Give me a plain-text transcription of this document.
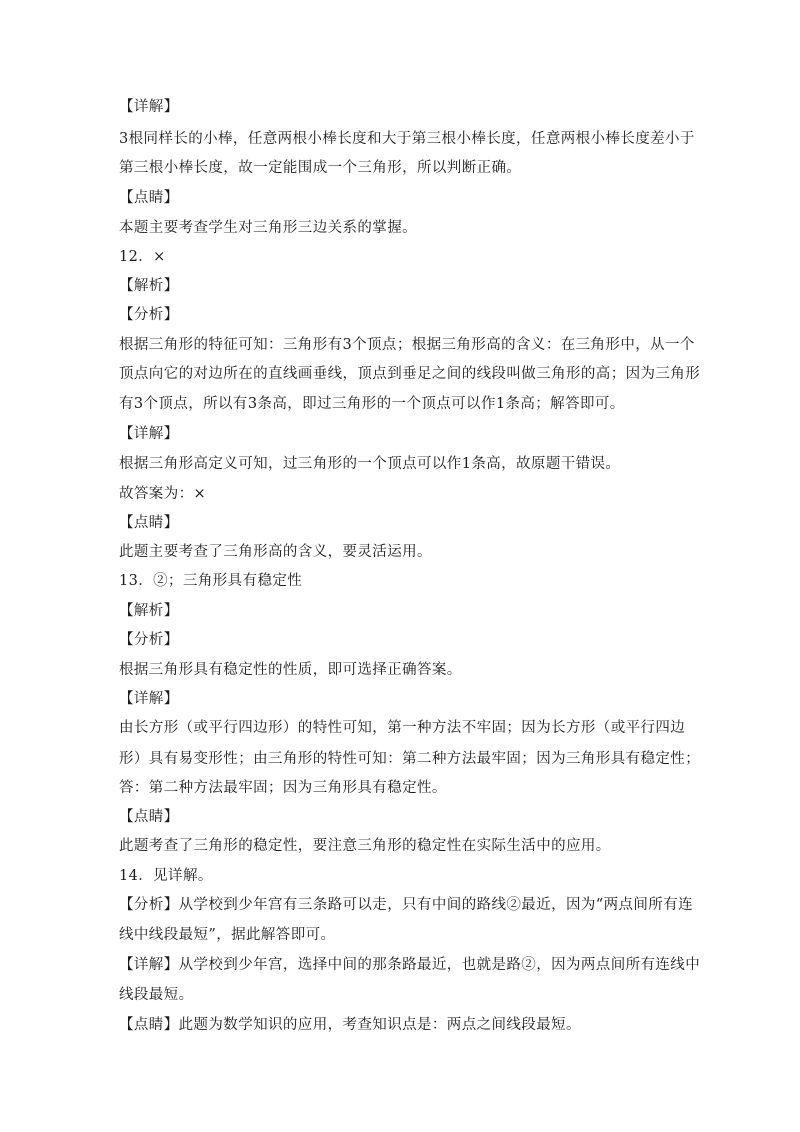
【详解】
3根同样长的小棒，任意两根小棒长度和大于第三根小棒长度，任意两根小棒长度差小于
第三根小棒长度，故一定能围成一个三角形，所以判断正确。
【点睛】
本题主要考查学生对三角形三边关系的掌握。
12．×
【解析】
【分析】
根据三角形的特征可知：三角形有3个顶点；根据三角形高的含义：在三角形中，从一个
顶点向它的对边所在的直线画垂线，顶点到垂足之间的线段叫做三角形的高；因为三角形
有3个顶点，所以有3条高，即过三角形的一个顶点可以作1条高；解答即可。
【详解】
根据三角形高定义可知，过三角形的一个顶点可以作1条高，故原题干错误。
故答案为：×
【点睛】
此题主要考查了三角形高的含义，要灵活运用。
13．②；三角形具有稳定性
【解析】
【分析】
根据三角形具有稳定性的性质，即可选择正确答案。
【详解】
由长方形（或平行四边形）的特性可知，第一种方法不牢固；因为长方形（或平行四边
形）具有易变形性；由三角形的特性可知：第二种方法最牢固；因为三角形具有稳定性；
答：第二种方法最牢固；因为三角形具有稳定性。
【点睛】
此题考查了三角形的稳定性，要注意三角形的稳定性在实际生活中的应用。
14．见详解。
【分析】从学校到少年宫有三条路可以走，只有中间的路线②最近，因为“两点间所有连
线中线段最短”，据此解答即可。
【详解】从学校到少年宫，选择中间的那条路最近，也就是路②，因为两点间所有连线中
线段最短。
【点睛】此题为数学知识的应用，考查知识点是：两点之间线段最短。
